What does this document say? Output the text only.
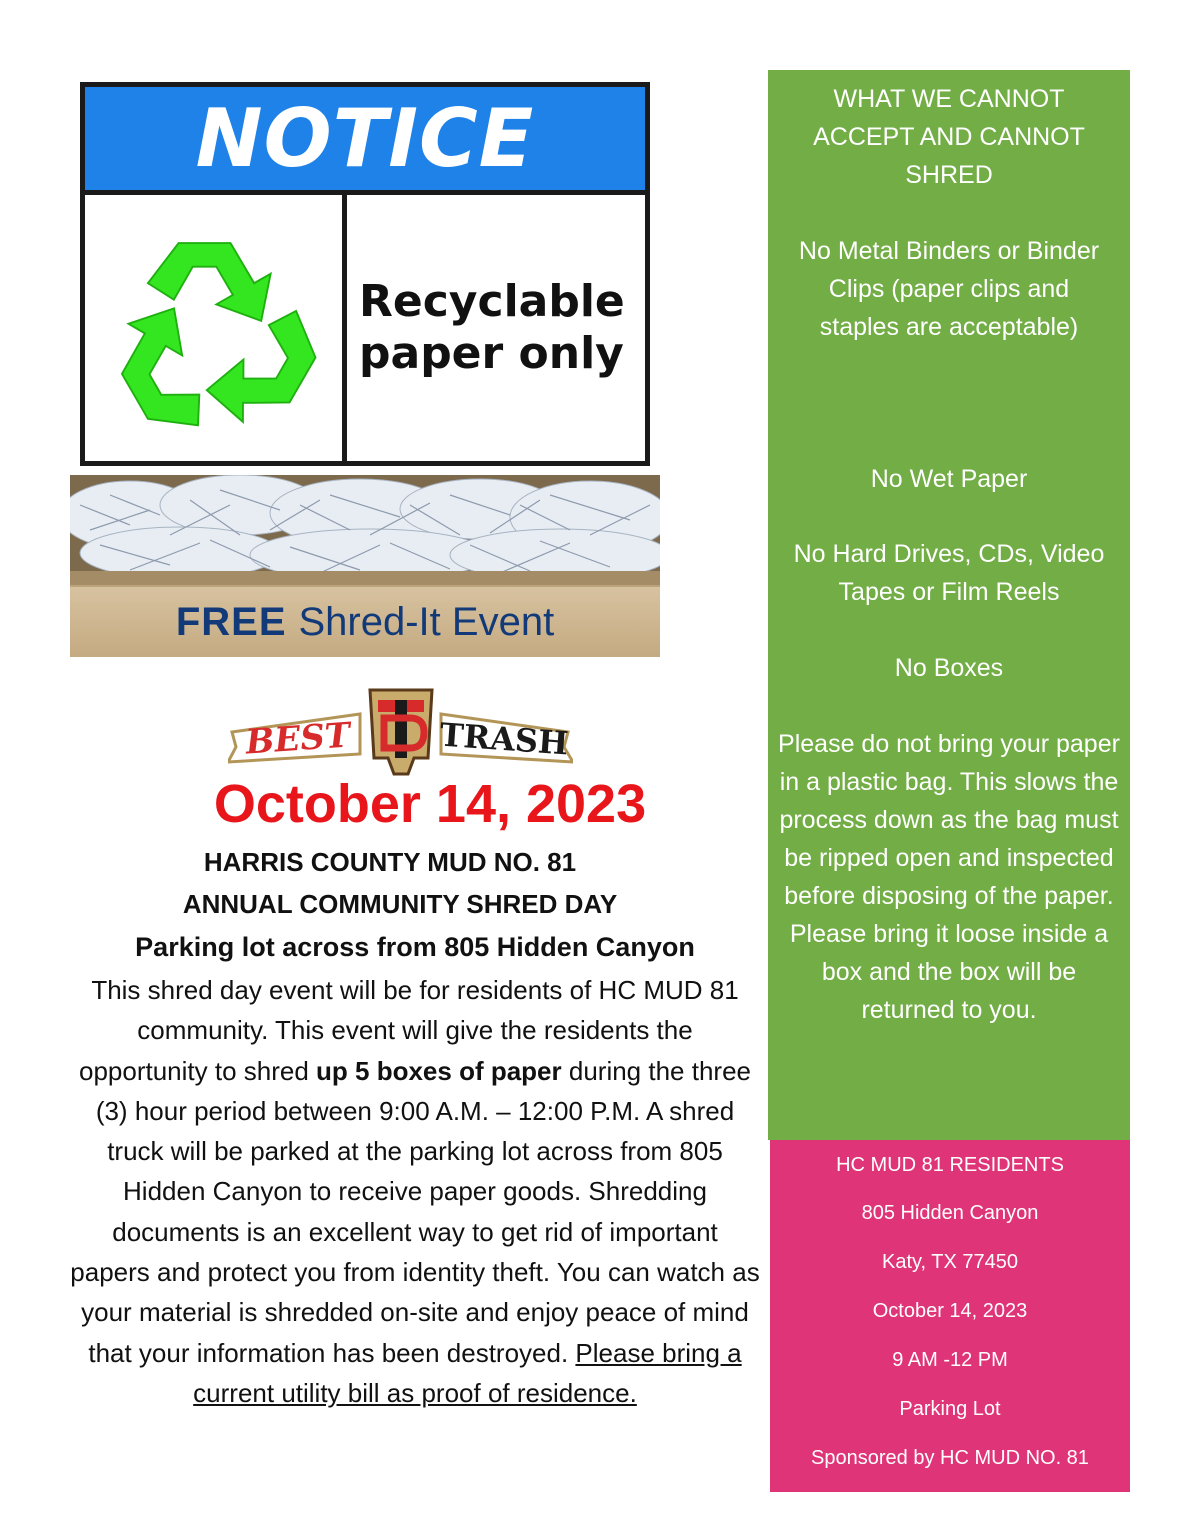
NOTICE
Recyclable
paper only
FREE Shred-It Event
BEST	TRASH
October 14, 2023
HARRIS COUNTY MUD NO. 81
ANNUAL COMMUNITY SHRED DAY
Parking lot across from 805 Hidden Canyon
This shred day event will be for residents of HC MUD 81 community. This event will give the residents the opportunity to shred up 5 boxes of paper during the three (3) hour period between 9:00 A.M. – 12:00 P.M. A shred truck will be parked at the parking lot across from 805 Hidden Canyon to receive paper goods. Shredding documents is an excellent way to get rid of important papers and protect you from identity theft. You can watch as your material is shredded on-site and enjoy peace of mind that your information has been destroyed. Please bring a current utility bill as proof of residence.
WHAT WE CANNOT ACCEPT AND CANNOT SHRED
No Metal Binders or Binder Clips (paper clips and staples are acceptable)
No Wet Paper
No Hard Drives, CDs, Video Tapes or Film Reels
No Boxes
Please do not bring your paper in a plastic bag. This slows the process down as the bag must be ripped open and inspected before disposing of the paper. Please bring it loose inside a box and the box will be returned to you.
HC MUD 81 RESIDENTS
805 Hidden Canyon
Katy, TX 77450
October 14, 2023
9 AM -12 PM
Parking Lot
Sponsored by HC MUD NO. 81
